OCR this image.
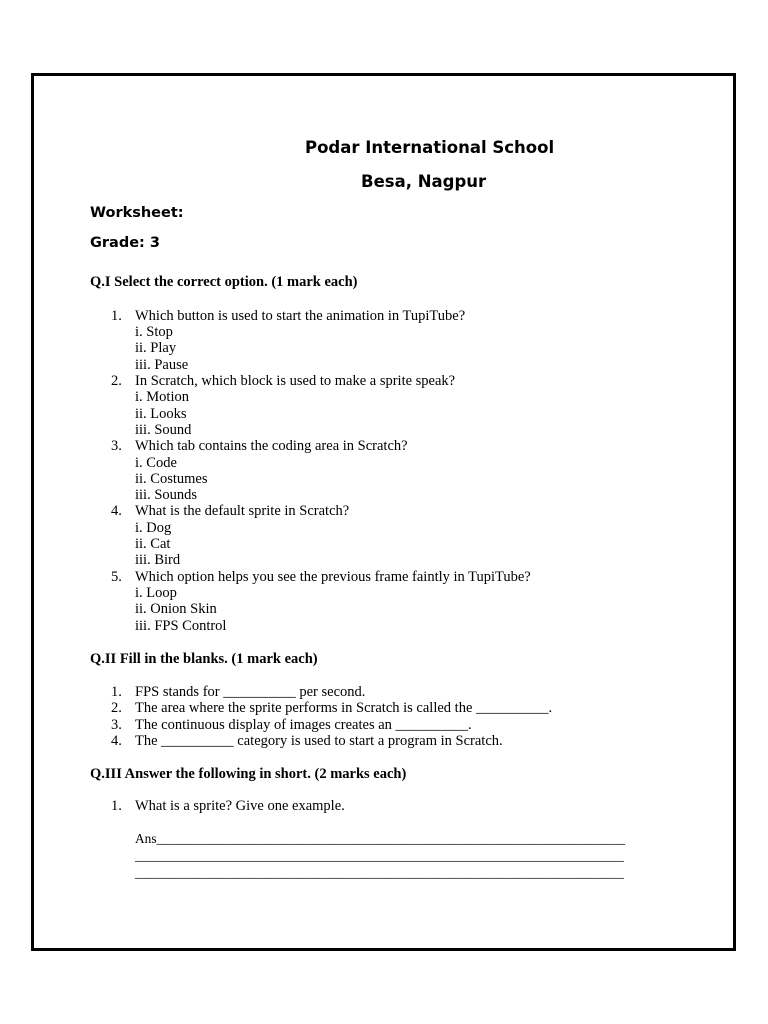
Podar International School
Besa, Nagpur
Worksheet:
Grade: 3
Q.I Select the correct option. (1 mark each)
1. Which button is used to start the animation in TupiTube?
i. Stop
ii. Play
iii. Pause
2. In Scratch, which block is used to make a sprite speak?
i. Motion
ii. Looks
iii. Sound
3. Which tab contains the coding area in Scratch?
i. Code
ii. Costumes
iii. Sounds
4. What is the default sprite in Scratch?
i. Dog
ii. Cat
iii. Bird
5. Which option helps you see the previous frame faintly in TupiTube?
i. Loop
ii. Onion Skin
iii. FPS Control
Q.II Fill in the blanks. (1 mark each)
1. FPS stands for __________ per second.
2. The area where the sprite performs in Scratch is called the __________.
3. The continuous display of images creates an __________.
4. The __________ category is used to start a program in Scratch.
Q.III Answer the following in short. (2 marks each)
1. What is a sprite? Give one example.
Ans______________________________________________________________________
_________________________________________________________________________
_________________________________________________________________________
